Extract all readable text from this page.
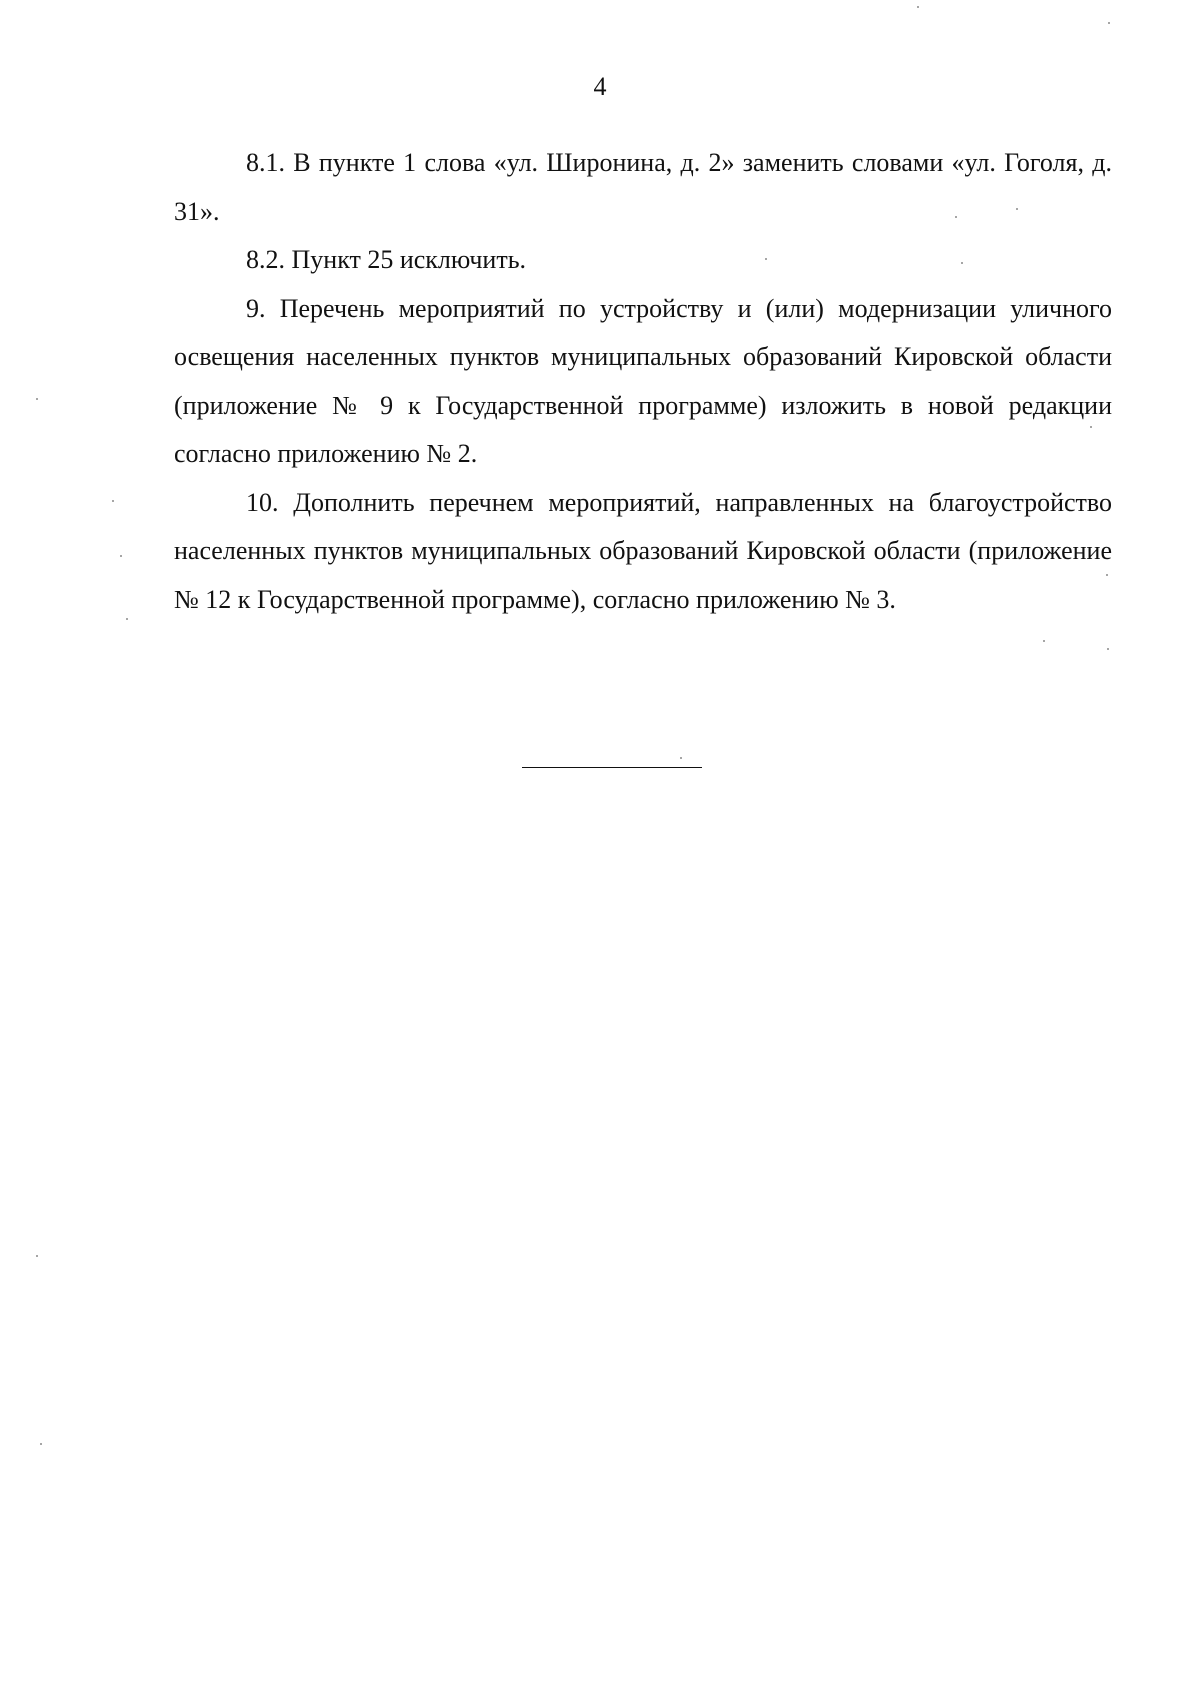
4

8.1. В пункте 1 слова «ул. Широнина, д. 2» заменить словами «ул. Гоголя, д. 31».

8.2. Пункт 25 исключить.

9. Перечень мероприятий по устройству и (или) модернизации уличного освещения населенных пунктов муниципальных образований Кировской области (приложение № 9 к Государственной программе) изложить в новой редакции согласно приложению № 2.

10. Дополнить перечнем мероприятий, направленных на благоустройство населенных пунктов муниципальных образований Кировской области (приложение № 12 к Государственной программе), согласно приложению № 3.
